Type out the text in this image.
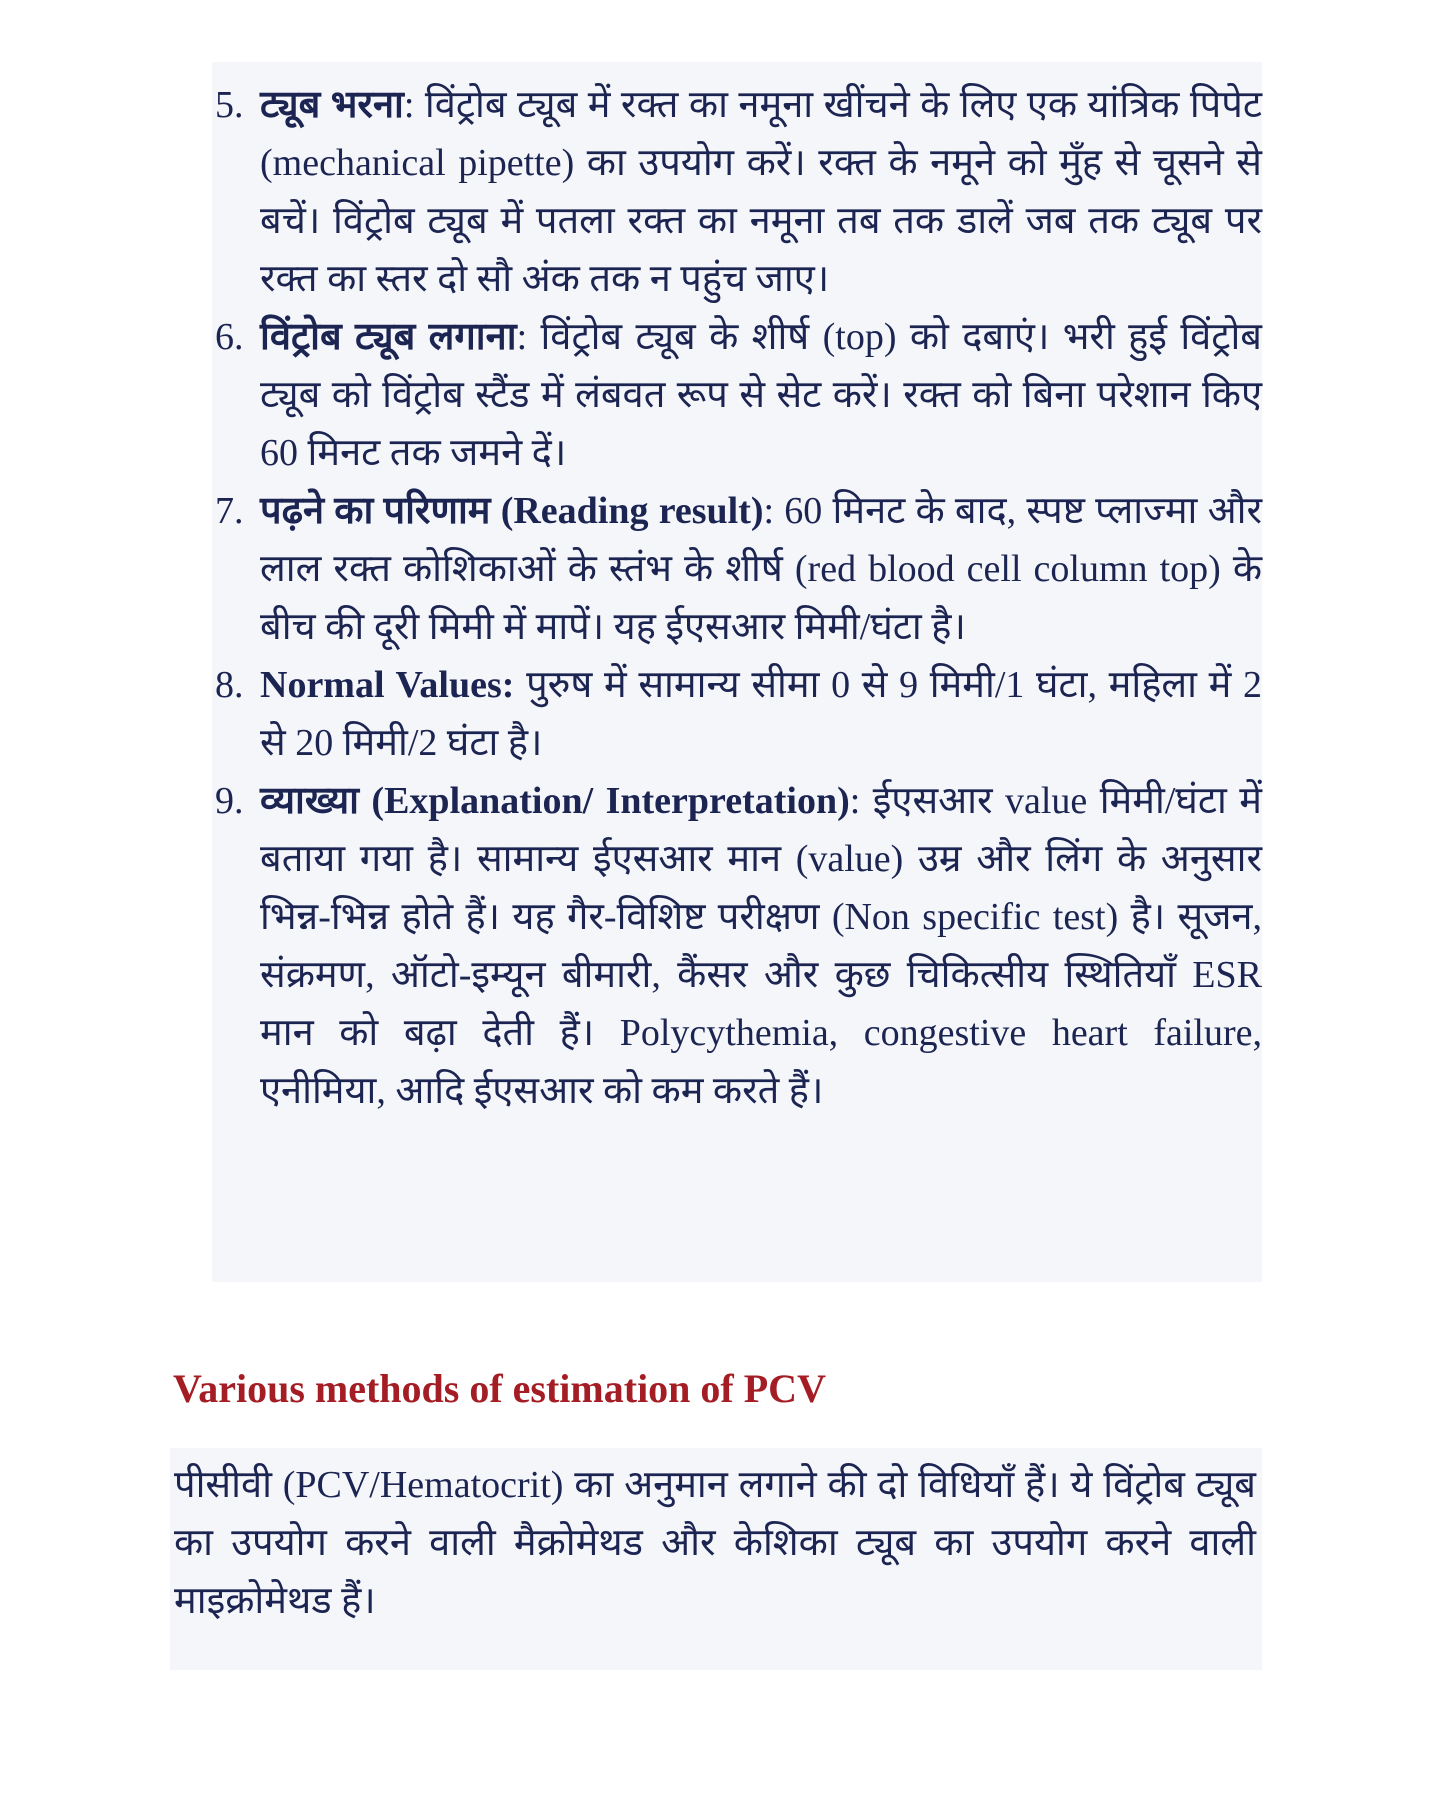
5. ट्यूब भरना: विंट्रोब ट्यूब में रक्त का नमूना खींचने के लिए एक यांत्रिक पिपेट (mechanical pipette) का उपयोग करें। रक्त के नमूने को मुँह से चूसने से बचें। विंट्रोब ट्यूब में पतला रक्त का नमूना तब तक डालें जब तक ट्यूब पर रक्त का स्तर दो सौ अंक तक न पहुंच जाए।
6. विंट्रोब ट्यूब लगाना: विंट्रोब ट्यूब के शीर्ष (top) को दबाएं। भरी हुई विंट्रोब ट्यूब को विंट्रोब स्टैंड में लंबवत रूप से सेट करें। रक्त को बिना परेशान किए 60 मिनट तक जमने दें।
7. पढ़ने का परिणाम (Reading result): 60 मिनट के बाद, स्पष्ट प्लाज्मा और लाल रक्त कोशिकाओं के स्तंभ के शीर्ष (red blood cell column top) के बीच की दूरी मिमी में मापें। यह ईएसआर मिमी/घंटा है।
8. Normal Values: पुरुष में सामान्य सीमा 0 से 9 मिमी/1 घंटा, महिला में 2 से 20 मिमी/2 घंटा है।
9. व्याख्या (Explanation/ Interpretation): ईएसआर value मिमी/घंटा में बताया गया है। सामान्य ईएसआर मान (value) उम्र और लिंग के अनुसार भिन्न-भिन्न होते हैं। यह गैर-विशिष्ट परीक्षण (Non specific test) है। सूजन, संक्रमण, ऑटो-इम्यून बीमारी, कैंसर और कुछ चिकित्सीय स्थितियाँ ESR मान को बढ़ा देती हैं। Polycythemia, congestive heart failure, एनीमिया, आदि ईएसआर को कम करते हैं।
Various methods of estimation of PCV

पीसीवी (PCV/Hematocrit) का अनुमान लगाने की दो विधियाँ हैं। ये विंट्रोब ट्यूब का उपयोग करने वाली मैक्रोमेथड और केशिका ट्यूब का उपयोग करने वाली माइक्रोमेथड हैं।
